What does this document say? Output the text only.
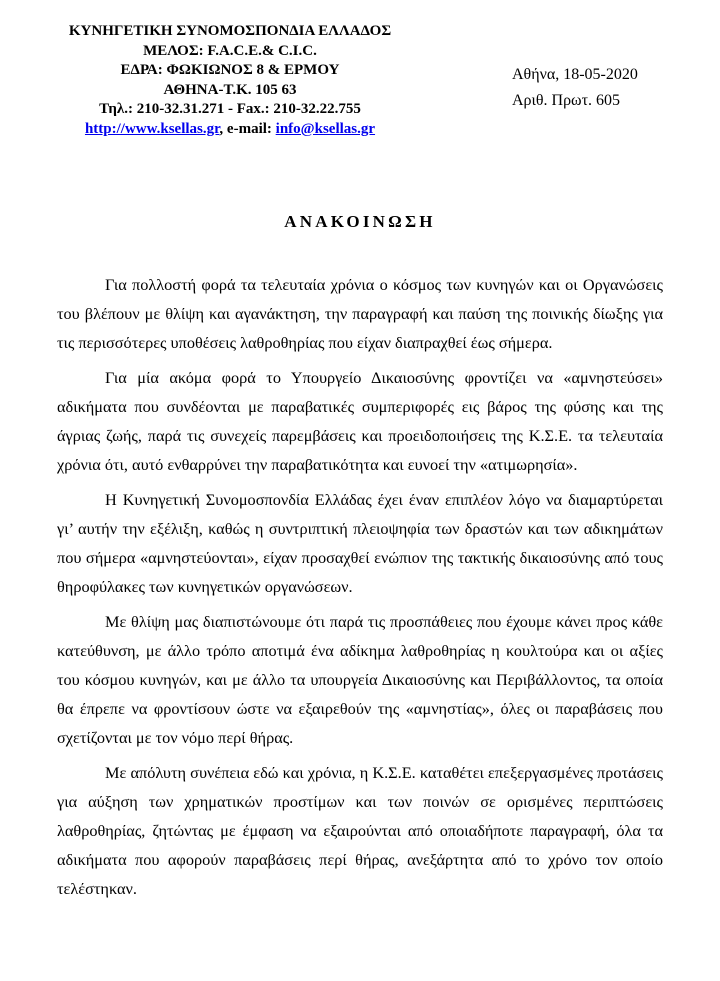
ΚΥΝΗΓΕΤΙΚΗ ΣΥΝΟΜΟΣΠΟΝΔΙΑ ΕΛΛΑΔΟΣ
ΜΕΛΟΣ: F.A.C.E.& C.I.C.
ΕΔΡΑ: ΦΩΚΙΩΝΟΣ 8 & ΕΡΜΟΥ
ΑΘΗΝΑ-Τ.Κ. 105 63
Τηλ.: 210-32.31.271 - Fax.: 210-32.22.755
http://www.ksellas.gr, e-mail: info@ksellas.gr
Αθήνα, 18-05-2020
Αριθ. Πρωτ. 605
ΑΝΑΚΟΙΝΩΣΗ

Για πολλοστή φορά τα τελευταία χρόνια ο κόσμος των κυνηγών και οι Οργανώσεις του βλέπουν με θλίψη και αγανάκτηση, την παραγραφή και παύση της ποινικής δίωξης για τις περισσότερες υποθέσεις λαθροθηρίας που είχαν διαπραχθεί έως σήμερα.

Για μία ακόμα φορά το Υπουργείο Δικαιοσύνης φροντίζει να «αμνηστεύσει» αδικήματα που συνδέονται με παραβατικές συμπεριφορές εις βάρος της φύσης και της άγριας ζωής, παρά τις συνεχείς παρεμβάσεις και προειδοποιήσεις της Κ.Σ.Ε. τα τελευταία χρόνια ότι, αυτό ενθαρρύνει την παραβατικότητα και ευνοεί την «ατιμωρησία».

Η Κυνηγετική Συνομοσπονδία Ελλάδας έχει έναν επιπλέον λόγο να διαμαρτύρεται γι’ αυτήν την εξέλιξη, καθώς η συντριπτική πλειοψηφία των δραστών και των αδικημάτων που σήμερα «αμνηστεύονται», είχαν προσαχθεί ενώπιον της τακτικής δικαιοσύνης από τους θηροφύλακες των κυνηγετικών οργανώσεων.

Με θλίψη μας διαπιστώνουμε ότι παρά τις προσπάθειες που έχουμε κάνει προς κάθε κατεύθυνση, με άλλο τρόπο αποτιμά ένα αδίκημα λαθροθηρίας η κουλτούρα και οι αξίες του κόσμου κυνηγών, και με άλλο τα υπουργεία Δικαιοσύνης και Περιβάλλοντος, τα οποία θα έπρεπε να φροντίσουν ώστε να εξαιρεθούν της «αμνηστίας», όλες οι παραβάσεις που σχετίζονται με τον νόμο περί θήρας.

Με απόλυτη συνέπεια εδώ και χρόνια, η Κ.Σ.Ε. καταθέτει επεξεργασμένες προτάσεις για αύξηση των χρηματικών προστίμων και των ποινών σε ορισμένες περιπτώσεις λαθροθηρίας, ζητώντας με έμφαση να εξαιρούνται από οποιαδήποτε παραγραφή, όλα τα αδικήματα που αφορούν παραβάσεις περί θήρας, ανεξάρτητα από το χρόνο τον οποίο τελέστηκαν.
